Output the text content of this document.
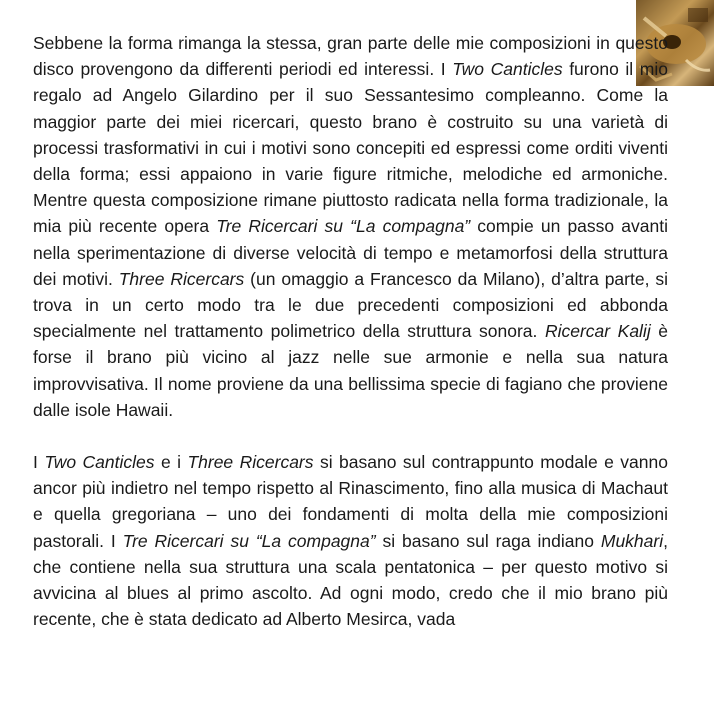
Sebbene la forma rimanga la stessa, gran parte delle mie composizioni in questo disco provengono da differenti periodi ed interessi. I Two Canticles furono il mio regalo ad Angelo Gilardino per il suo Sessantesimo compleanno. Come la maggior parte dei miei ricercari, questo brano è costruito su una varietà di processi trasformativi in cui i motivi sono concepiti ed espressi come orditi viventi della forma; essi appaiono in varie figure ritmiche, melodiche ed armoniche. Mentre questa composizione rimane piuttosto radicata nella forma tradizionale, la mia più recente opera Tre Ricercari su “La compagna” compie un passo avanti nella sperimentazione di diverse velocità di tempo e metamorfosi della struttura dei motivi. Three Ricercars (un omaggio a Francesco da Milano), d’altra parte, si trova in un certo modo tra le due precedenti composizioni ed abbonda specialmente nel trattamento polimetrico della struttura sonora. Ricercar Kalij è forse il brano più vicino al jazz nelle sue armonie e nella sua natura improvvisativa. Il nome proviene da una bellissima specie di fagiano che proviene dalle isole Hawaii.

I Two Canticles e i Three Ricercars si basano sul contrappunto modale e vanno ancor più indietro nel tempo rispetto al Rinascimento, fino alla musica di Machaut e quella gregoriana – uno dei fondamenti di molta della mie composizioni pastorali. I Tre Ricercari su “La compagna” si basano sul raga indiano Mukhari, che contiene nella sua struttura una scala pentatonica – per questo motivo si avvicina al blues al primo ascolto. Ad ogni modo, credo che il mio brano più recente, che è stata dedicato ad Alberto Mesirca, vada
